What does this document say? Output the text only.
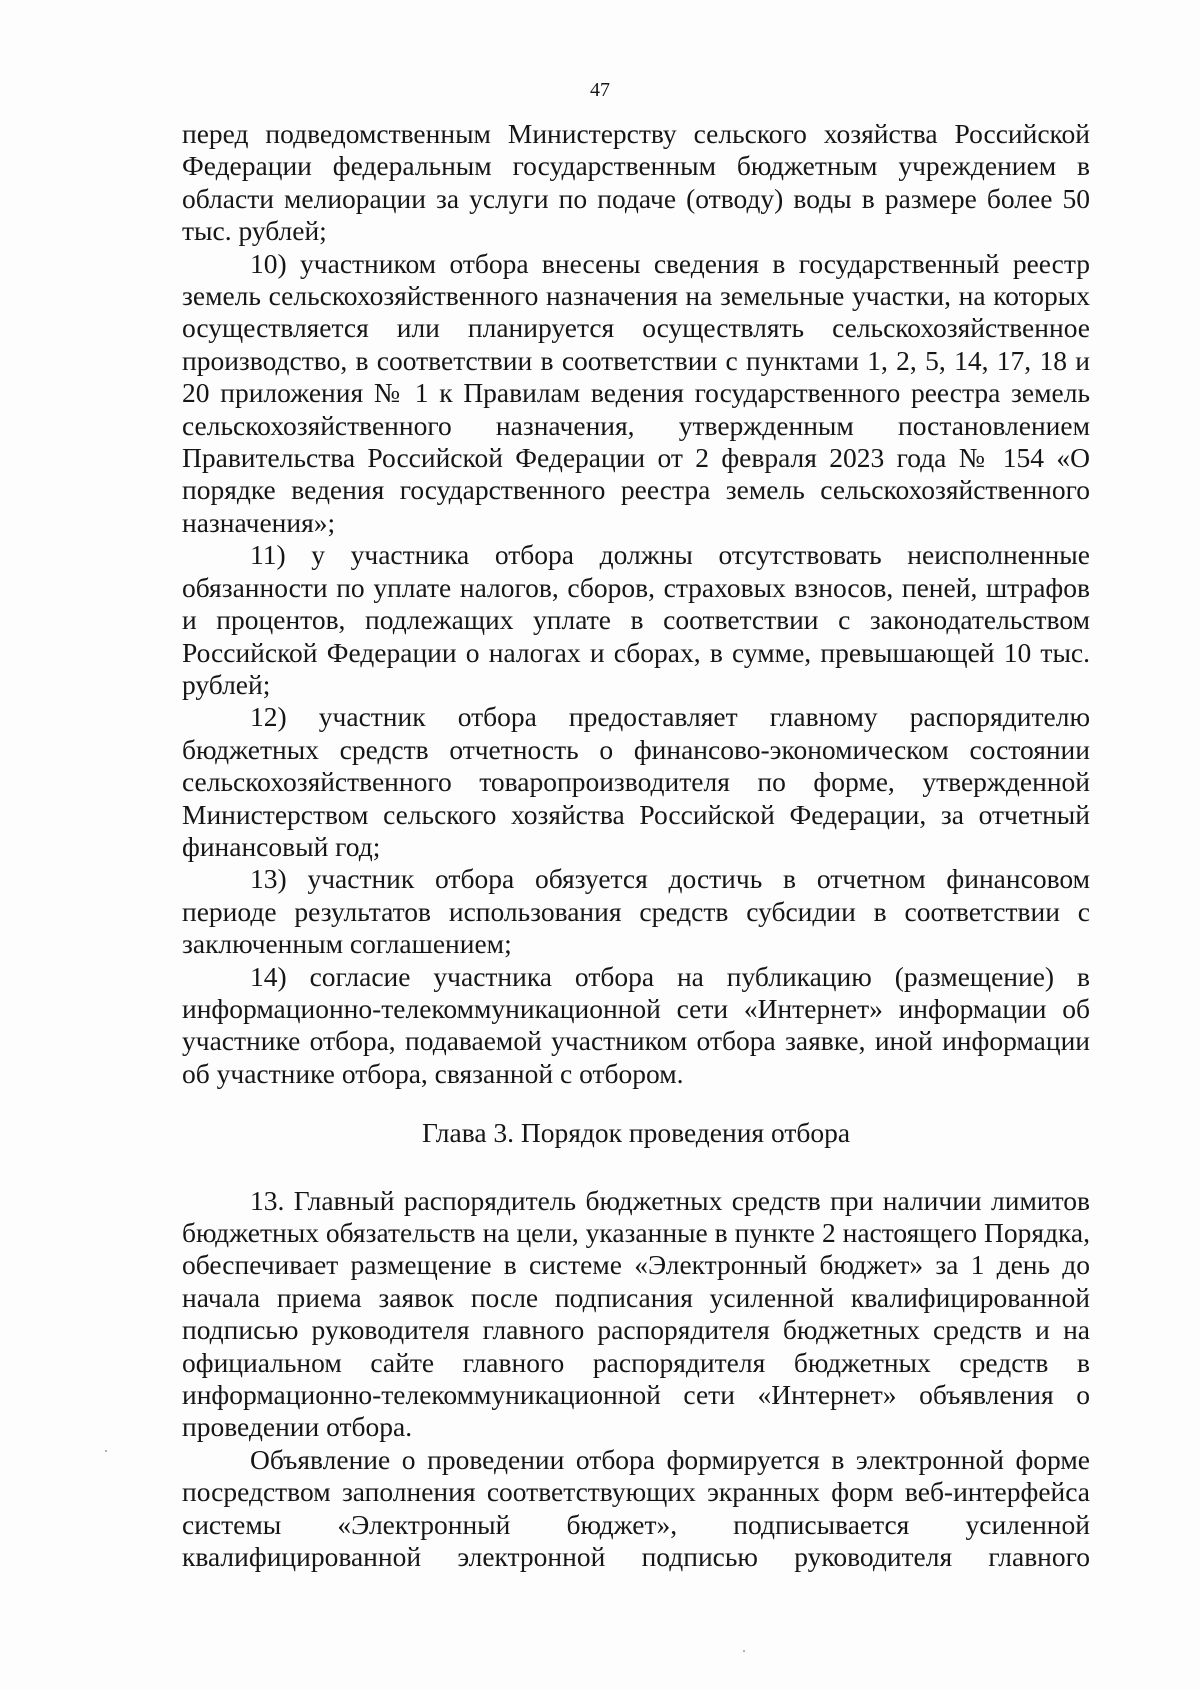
47

перед подведомственным Министерству сельского хозяйства Российской Федерации федеральным государственным бюджетным учреждением в области мелиорации за услуги по подаче (отводу) воды в размере более 50 тыс. рублей;

10) участником отбора внесены сведения в государственный реестр земель сельскохозяйственного назначения на земельные участки, на которых осуществляется или планируется осуществлять сельскохозяйственное производство, в соответствии в соответствии с пунктами 1, 2, 5, 14, 17, 18 и 20 приложения № 1 к Правилам ведения государственного реестра земель сельскохозяйственного назначения, утвержденным постановлением Правительства Российской Федерации от 2 февраля 2023 года № 154 «О порядке ведения государственного реестра земель сельскохозяйственного назначения»;

11) у участника отбора должны отсутствовать неисполненные обязанности по уплате налогов, сборов, страховых взносов, пеней, штрафов и процентов, подлежащих уплате в соответствии с законодательством Российской Федерации о налогах и сборах, в сумме, превышающей 10 тыс. рублей;

12) участник отбора предоставляет главному распорядителю бюджетных средств отчетность о финансово-экономическом состоянии сельскохозяйственного товаропроизводителя по форме, утвержденной Министерством сельского хозяйства Российской Федерации, за отчетный финансовый год;

13) участник отбора обязуется достичь в отчетном финансовом периоде результатов использования средств субсидии в соответствии с заключенным соглашением;

14) согласие участника отбора на публикацию (размещение) в информационно-телекоммуникационной сети «Интернет» информации об участнике отбора, подаваемой участником отбора заявке, иной информации об участнике отбора, связанной с отбором.

Глава 3. Порядок проведения отбора

13. Главный распорядитель бюджетных средств при наличии лимитов бюджетных обязательств на цели, указанные в пункте 2 настоящего Порядка, обеспечивает размещение в системе «Электронный бюджет» за 1 день до начала приема заявок после подписания усиленной квалифицированной подписью руководителя главного распорядителя бюджетных средств и на официальном сайте главного распорядителя бюджетных средств в информационно-телекоммуникационной сети «Интернет» объявления о проведении отбора.

Объявление о проведении отбора формируется в электронной форме посредством заполнения соответствующих экранных форм веб-интерфейса системы «Электронный бюджет», подписывается усиленной квалифицированной электронной подписью руководителя главного
